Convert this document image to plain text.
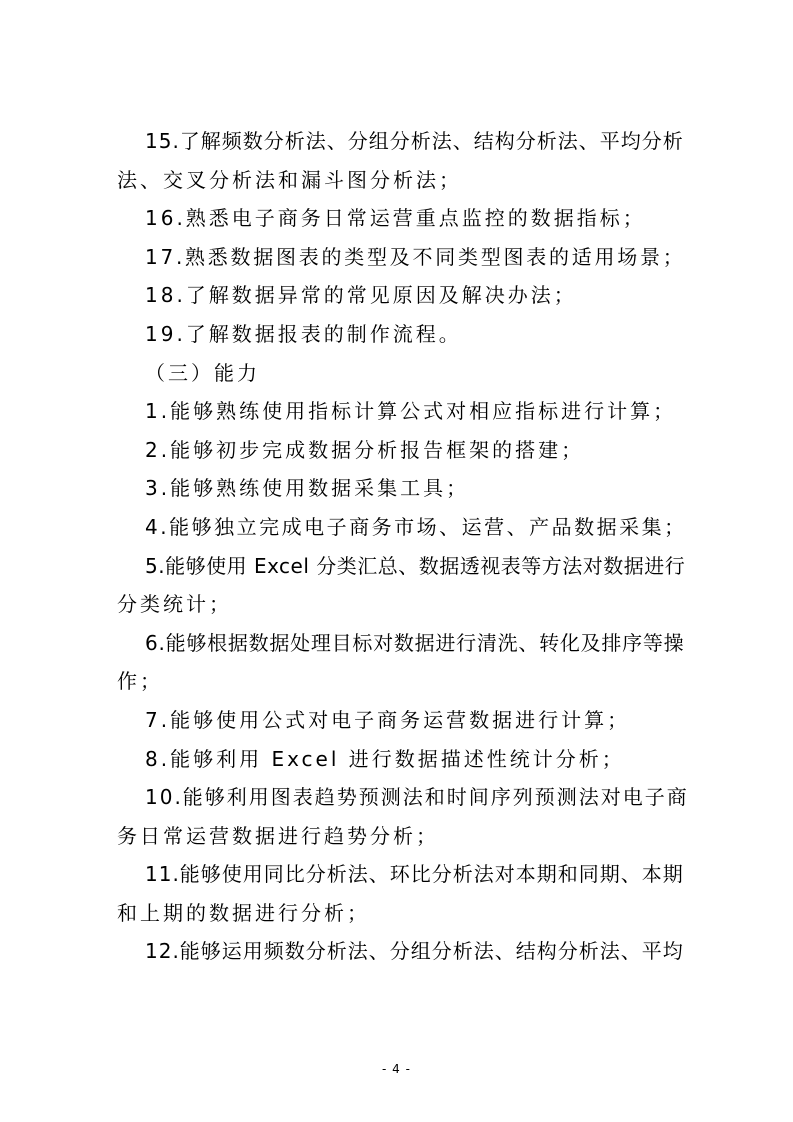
15.了解频数分析法、分组分析法、结构分析法、平均分析
法、交叉分析法和漏斗图分析法；
16.熟悉电子商务日常运营重点监控的数据指标；
17.熟悉数据图表的类型及不同类型图表的适用场景；
18.了解数据异常的常见原因及解决办法；
19.了解数据报表的制作流程。
（三）能力
1.能够熟练使用指标计算公式对相应指标进行计算；
2.能够初步完成数据分析报告框架的搭建；
3.能够熟练使用数据采集工具；
4.能够独立完成电子商务市场、运营、产品数据采集；
5.能够使用 Excel 分类汇总、数据透视表等方法对数据进行
分类统计；
6.能够根据数据处理目标对数据进行清洗、转化及排序等操
作；
7.能够使用公式对电子商务运营数据进行计算；
8.能够利用 Excel 进行数据描述性统计分析；
10.能够利用图表趋势预测法和时间序列预测法对电子商
务日常运营数据进行趋势分析；
11.能够使用同比分析法、环比分析法对本期和同期、本期
和上期的数据进行分析；
12.能够运用频数分析法、分组分析法、结构分析法、平均
- 4 -
